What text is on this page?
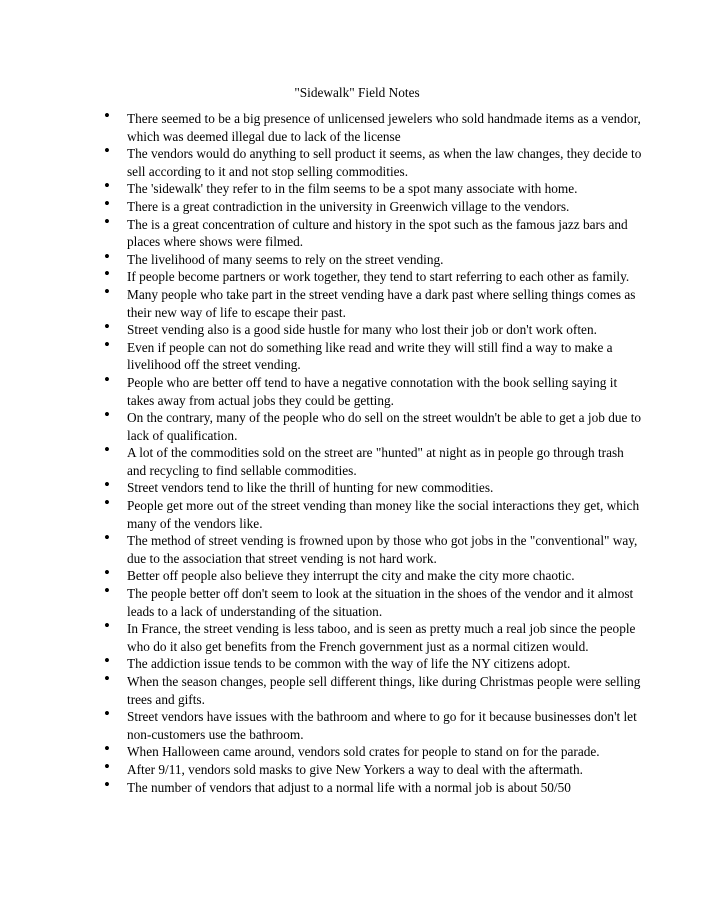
"Sidewalk" Field Notes
• There seemed to be a big presence of unlicensed jewelers who sold handmade items as a vendor, which was deemed illegal due to lack of the license
• The vendors would do anything to sell product it seems, as when the law changes, they decide to sell according to it and not stop selling commodities.
• The 'sidewalk' they refer to in the film seems to be a spot many associate with home.
• There is a great contradiction in the university in Greenwich village to the vendors.
• The is a great concentration of culture and history in the spot such as the famous jazz bars and places where shows were filmed.
• The livelihood of many seems to rely on the street vending.
• If people become partners or work together, they tend to start referring to each other as family.
• Many people who take part in the street vending have a dark past where selling things comes as their new way of life to escape their past.
• Street vending also is a good side hustle for many who lost their job or don't work often.
• Even if people can not do something like read and write they will still find a way to make a livelihood off the street vending.
• People who are better off tend to have a negative connotation with the book selling saying it takes away from actual jobs they could be getting.
• On the contrary, many of the people who do sell on the street wouldn't be able to get a job due to lack of qualification.
• A lot of the commodities sold on the street are "hunted" at night as in people go through trash and recycling to find sellable commodities.
• Street vendors tend to like the thrill of hunting for new commodities.
• People get more out of the street vending than money like the social interactions they get, which many of the vendors like.
• The method of street vending is frowned upon by those who got jobs in the "conventional" way, due to the association that street vending is not hard work.
• Better off people also believe they interrupt the city and make the city more chaotic.
• The people better off don't seem to look at the situation in the shoes of the vendor and it almost leads to a lack of understanding of the situation.
• In France, the street vending is less taboo, and is seen as pretty much a real job since the people who do it also get benefits from the French government just as a normal citizen would.
• The addiction issue tends to be common with the way of life the NY citizens adopt.
• When the season changes, people sell different things, like during Christmas people were selling trees and gifts.
• Street vendors have issues with the bathroom and where to go for it because businesses don't let non-customers use the bathroom.
• When Halloween came around, vendors sold crates for people to stand on for the parade.
• After 9/11, vendors sold masks to give New Yorkers a way to deal with the aftermath.
• The number of vendors that adjust to a normal life with a normal job is about 50/50
